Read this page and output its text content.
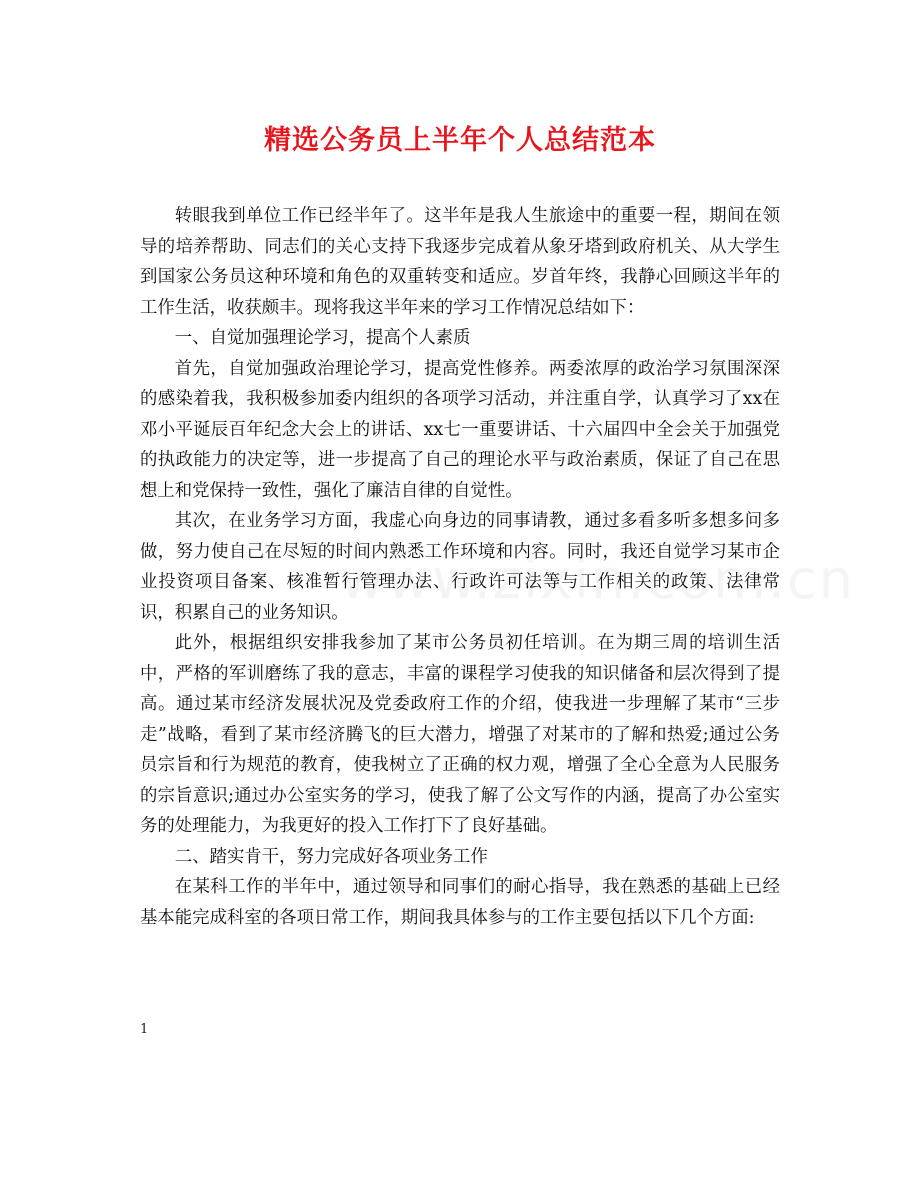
精选公务员上半年个人总结范本

转眼我到单位工作已经半年了。这半年是我人生旅途中的重要一程，期间在领导的培养帮助、同志们的关心支持下我逐步完成着从象牙塔到政府机关、从大学生到国家公务员这种环境和角色的双重转变和适应。岁首年终，我静心回顾这半年的工作生活，收获颇丰。现将我这半年来的学习工作情况总结如下：

一、自觉加强理论学习，提高个人素质

首先，自觉加强政治理论学习，提高党性修养。两委浓厚的政治学习氛围深深的感染着我，我积极参加委内组织的各项学习活动，并注重自学，认真学习了xx在邓小平诞辰百年纪念大会上的讲话、xx七一重要讲话、十六届四中全会关于加强党的执政能力的决定等，进一步提高了自己的理论水平与政治素质，保证了自己在思想上和党保持一致性，强化了廉洁自律的自觉性。

其次，在业务学习方面，我虚心向身边的同事请教，通过多看多听多想多问多做，努力使自己在尽短的时间内熟悉工作环境和内容。同时，我还自觉学习某市企业投资项目备案、核准暂行管理办法、行政许可法等与工作相关的政策、法律常识，积累自己的业务知识。

此外，根据组织安排我参加了某市公务员初任培训。在为期三周的培训生活中，严格的军训磨练了我的意志，丰富的课程学习使我的知识储备和层次得到了提高。通过某市经济发展状况及党委政府工作的介绍，使我进一步理解了某市“三步走”战略，看到了某市经济腾飞的巨大潜力，增强了对某市的了解和热爱;通过公务员宗旨和行为规范的教育，使我树立了正确的权力观，增强了全心全意为人民服务的宗旨意识;通过办公室实务的学习，使我了解了公文写作的内涵，提高了办公室实务的处理能力，为我更好的投入工作打下了良好基础。

二、踏实肯干，努力完成好各项业务工作

在某科工作的半年中，通过领导和同事们的耐心指导，我在熟悉的基础上已经基本能完成科室的各项日常工作，期间我具体参与的工作主要包括以下几个方面:

1
